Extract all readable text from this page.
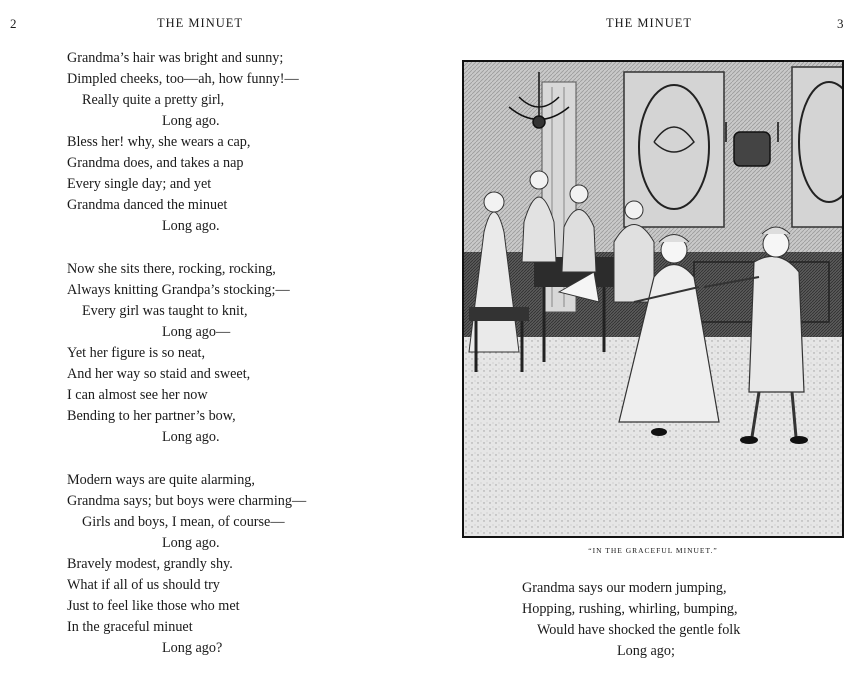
2	THE MINUET
Grandma’s hair was bright and sunny;
Dimpled cheeks, too—ah, how funny!—
Really quite a pretty girl,
Long ago.
Bless her! why, she wears a cap,
Grandma does, and takes a nap
Every single day; and yet
Grandma danced the minuet
Long ago.
Now she sits there, rocking, rocking,
Always knitting Grandpa’s stocking;—
Every girl was taught to knit,
Long ago—
Yet her figure is so neat,
And her way so staid and sweet,
I can almost see her now
Bending to her partner’s bow,
Long ago.
Modern ways are quite alarming,
Grandma says; but boys were charming—
Girls and boys, I mean, of course—
Long ago.
Bravely modest, grandly shy.
What if all of us should try
Just to feel like those who met
In the graceful minuet
Long ago?
THE MINUET	3
“IN THE GRACEFUL MINUET.”
Grandma says our modern jumping,
Hopping, rushing, whirling, bumping,
Would have shocked the gentle folk
Long ago;
